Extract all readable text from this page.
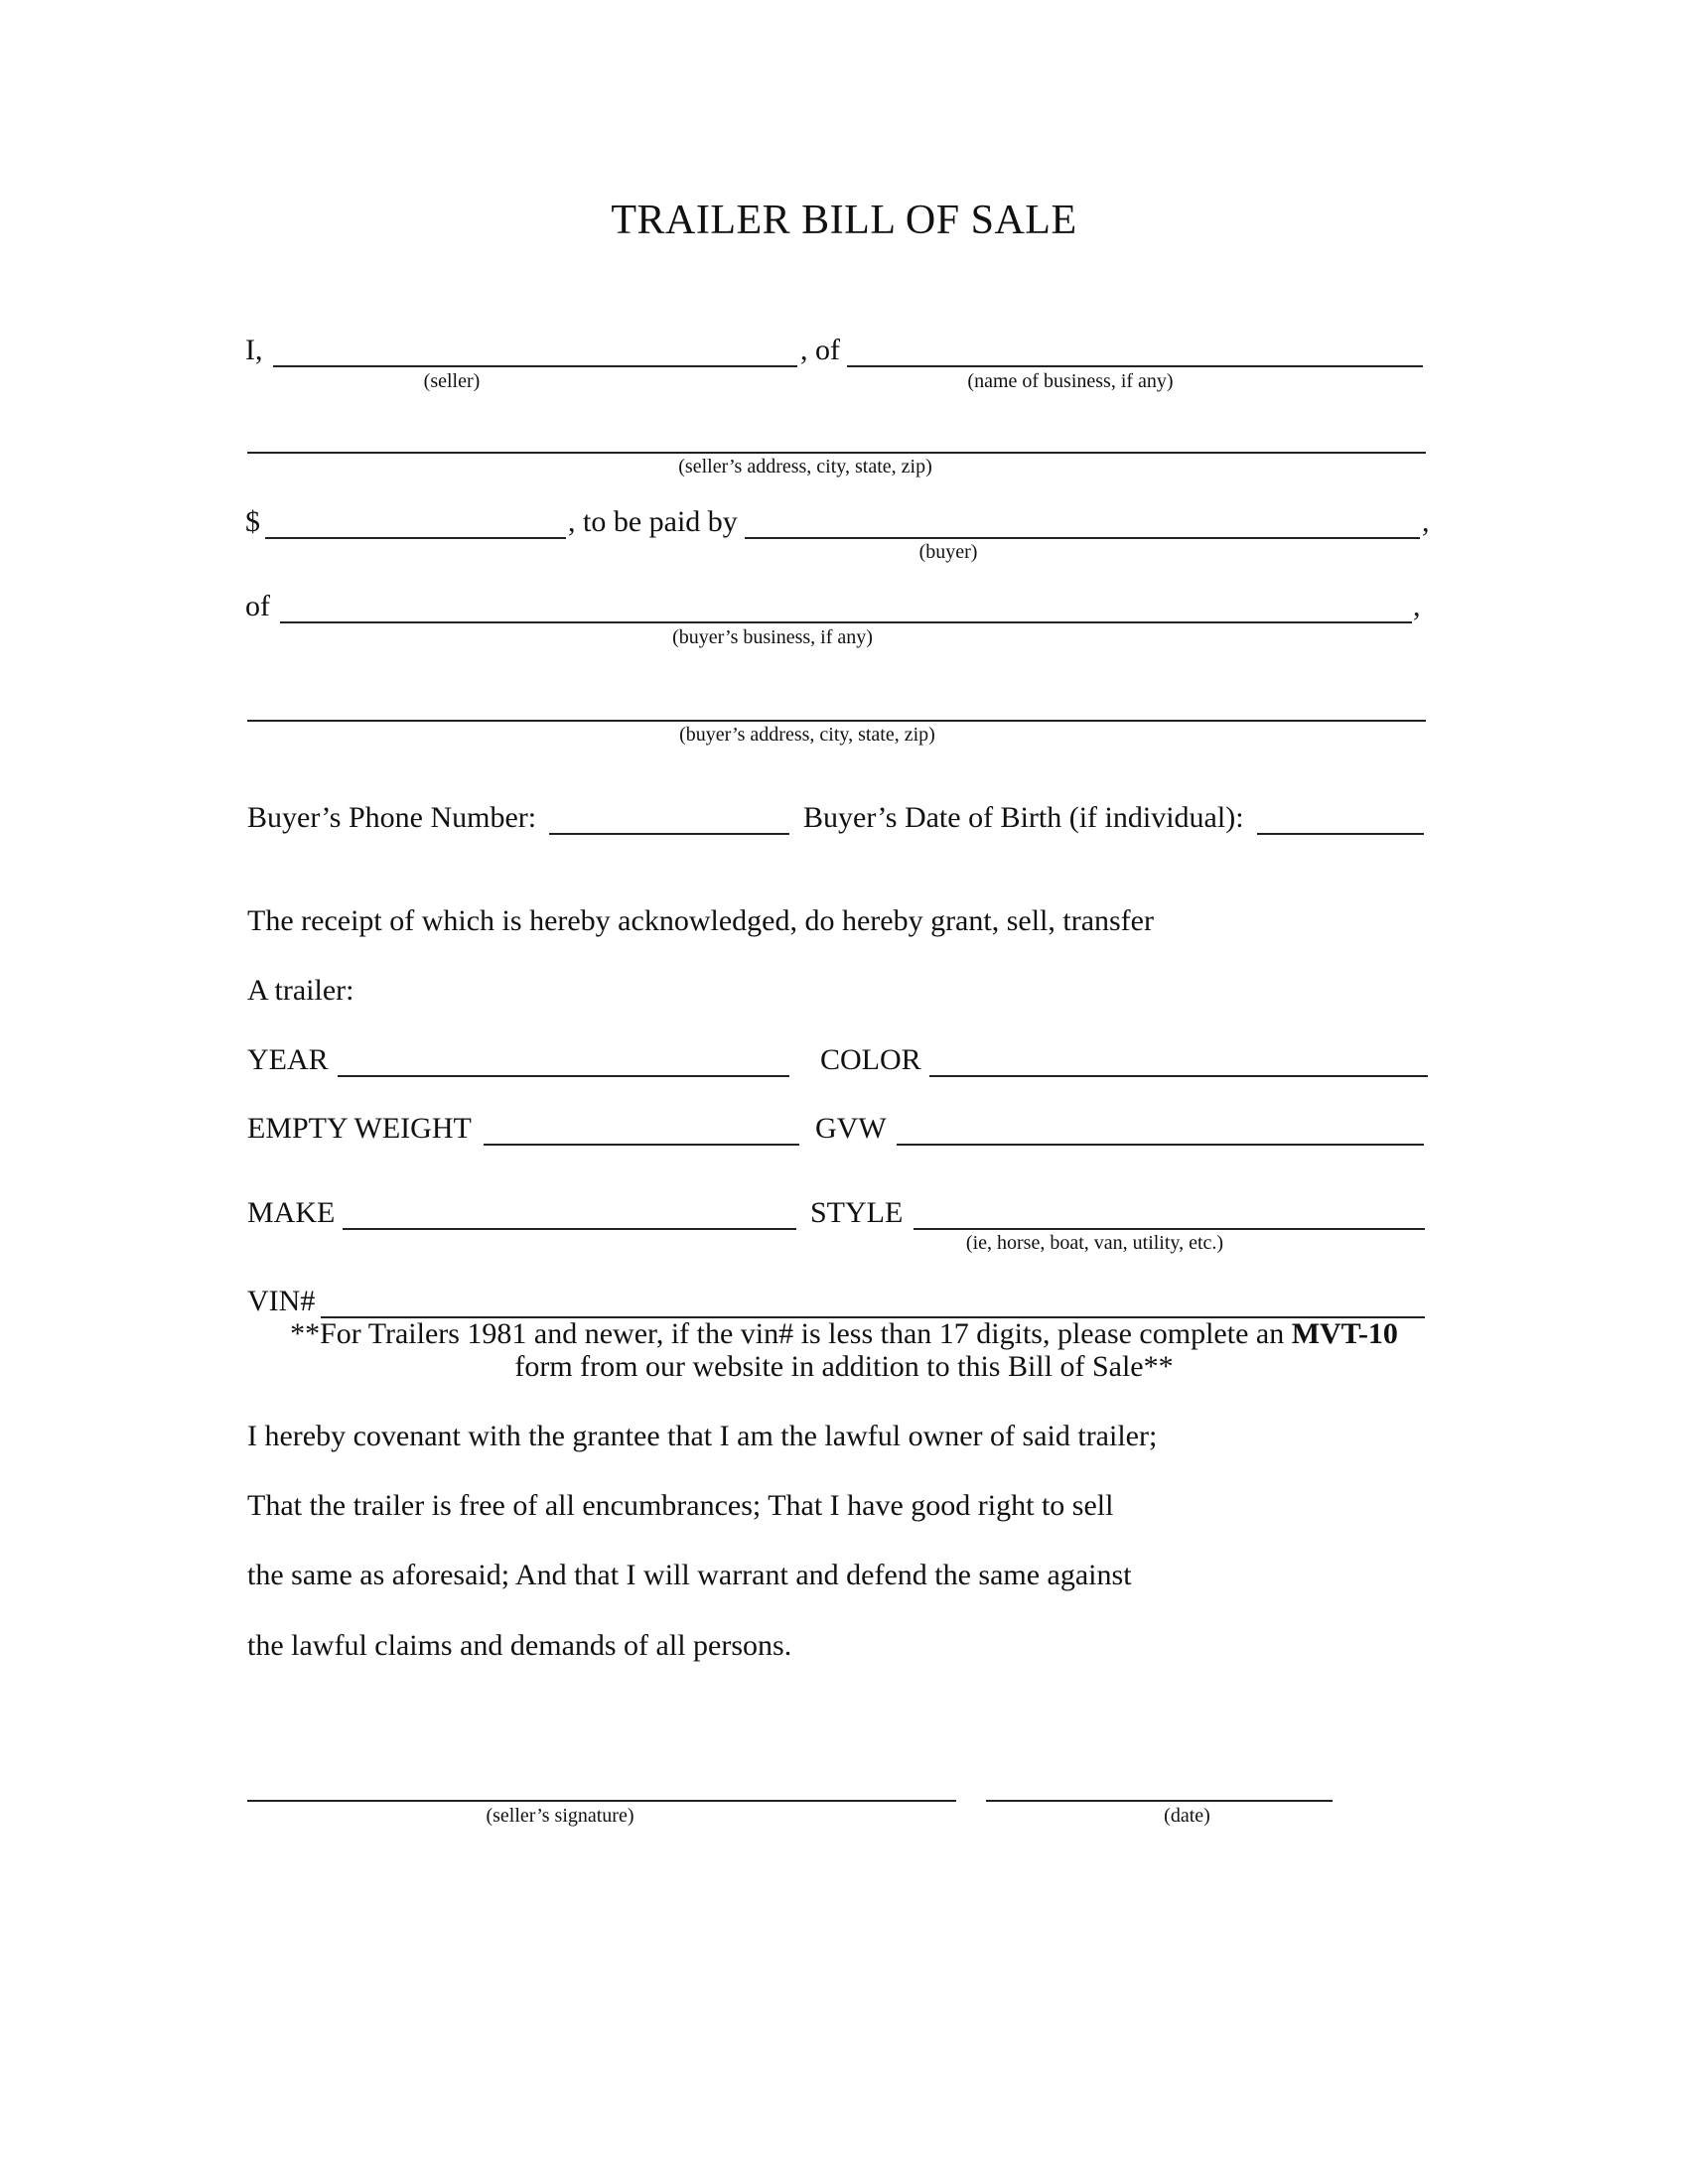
TRAILER BILL OF SALE
I,	, of
(seller)	(name of business, if any)
(seller’s address, city, state, zip)
$	, to be paid by	,
(buyer)
of	,
(buyer’s business, if any)
(buyer’s address, city, state, zip)
Buyer’s Phone Number:	Buyer’s Date of Birth (if individual):
The receipt of which is hereby acknowledged, do hereby grant, sell, transfer
A trailer:
YEAR	COLOR
EMPTY WEIGHT	GVW
MAKE	STYLE
(ie, horse, boat, van, utility, etc.)
VIN#
**For Trailers 1981 and newer, if the vin# is less than 17 digits, please complete an MVT-10
form from our website in addition to this Bill of Sale**
I hereby covenant with the grantee that I am the lawful owner of said trailer;
That the trailer is free of all encumbrances; That I have good right to sell
the same as aforesaid; And that I will warrant and defend the same against
the lawful claims and demands of all persons.
(seller’s signature)	(date)
